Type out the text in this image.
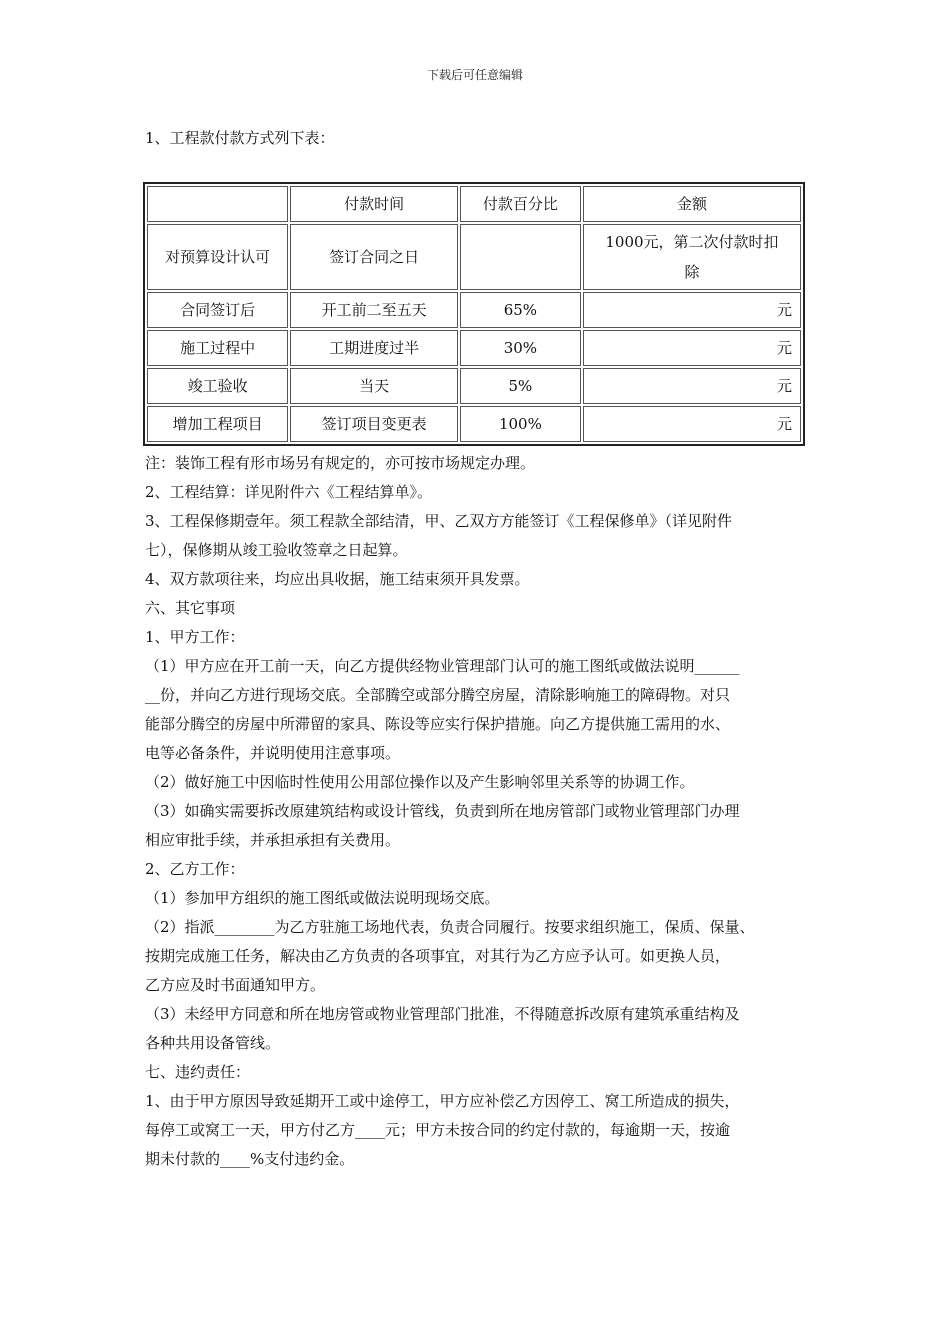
下载后可任意编辑
1、工程款付款方式列下表：
	付款时间	付款百分比	金额
对预算设计认可	签订合同之日		1000元，第二次付款时扣
除

合同签订后	开工前二至五天	65%	元
施工过程中	工期进度过半	30%	元
竣工验收	当天	5%	元
增加工程项目	签订项目变更表	100%	元

注：装饰工程有形市场另有规定的，亦可按市场规定办理。

2、工程结算：详见附件六《工程结算单》。

3、工程保修期壹年。须工程款全部结清，甲、乙双方方能签订《工程保修单》（详见附件

七），保修期从竣工验收签章之日起算。

4、双方款项往来，均应出具收据，施工结束须开具发票。

六、其它事项

1、甲方工作：

（1）甲方应在开工前一天，向乙方提供经物业管理部门认可的施工图纸或做法说明______

__份，并向乙方进行现场交底。全部腾空或部分腾空房屋，清除影响施工的障碍物。对只

能部分腾空的房屋中所滞留的家具、陈设等应实行保护措施。向乙方提供施工需用的水、

电等必备条件，并说明使用注意事项。

（2）做好施工中因临时性使用公用部位操作以及产生影响邻里关系等的协调工作。

（3）如确实需要拆改原建筑结构或设计管线，负责到所在地房管部门或物业管理部门办理

相应审批手续，并承担承担有关费用。

2、乙方工作：

（1）参加甲方组织的施工图纸或做法说明现场交底。

（2）指派________为乙方驻施工场地代表，负责合同履行。按要求组织施工，保质、保量、

按期完成施工任务，解决由乙方负责的各项事宜，对其行为乙方应予认可。如更换人员，

乙方应及时书面通知甲方。

（3）未经甲方同意和所在地房管或物业管理部门批准，不得随意拆改原有建筑承重结构及

各种共用设备管线。

七、违约责任：

1、由于甲方原因导致延期开工或中途停工，甲方应补偿乙方因停工、窝工所造成的损失，

每停工或窝工一天，甲方付乙方____元；甲方未按合同的约定付款的，每逾期一天，按逾

期未付款的____%支付违约金。
